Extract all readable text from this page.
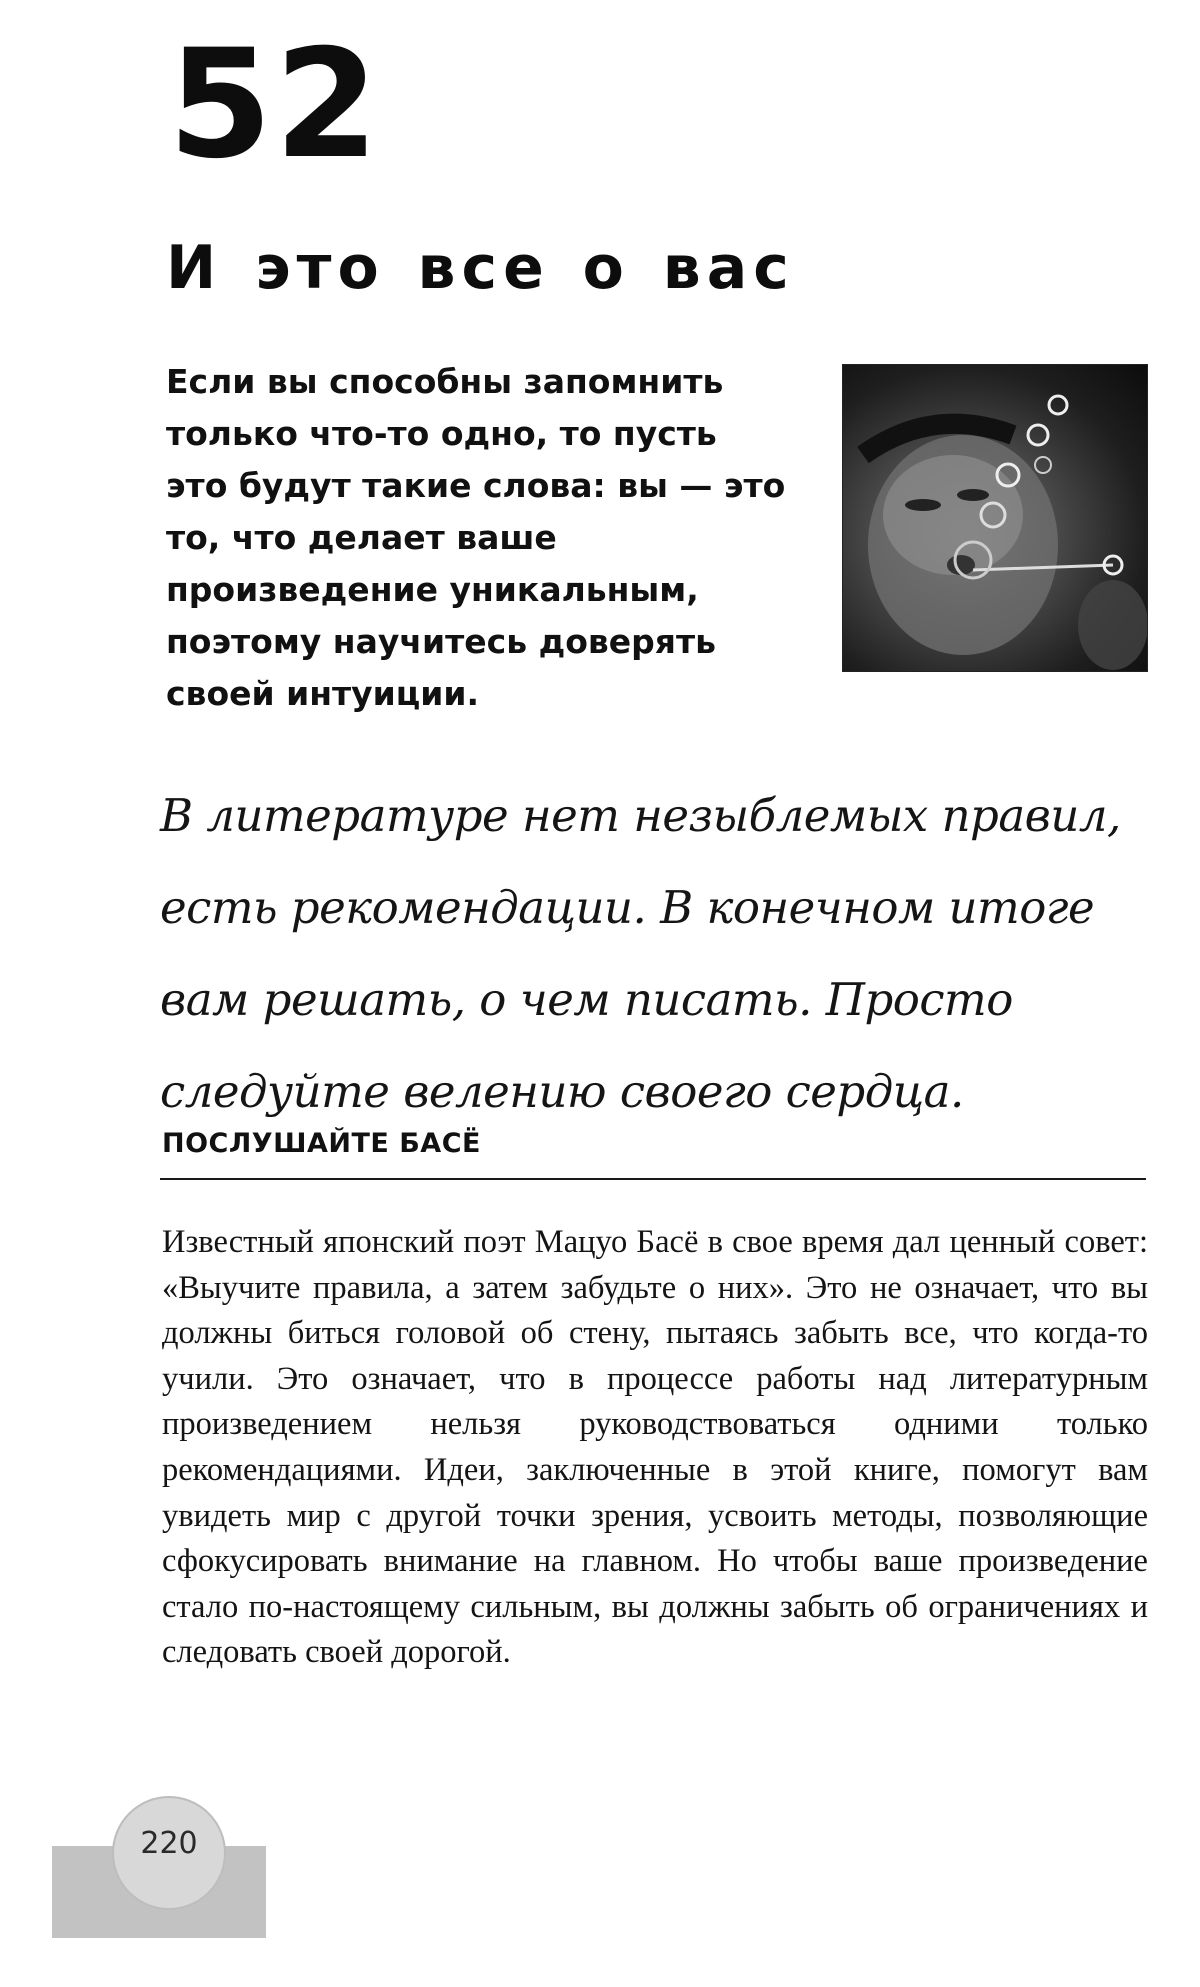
52
И это все о вас
Если вы способны запомнить только что-то одно, то пусть это будут такие слова: вы — это то, что делает ваше произведение уникальным, поэтому научитесь доверять своей интуиции.
В литературе нет незыблемых правил, есть рекомендации. В конечном итоге вам решать, о чем писать. Просто следуйте велению своего сердца.
ПОСЛУШАЙТЕ БАСЁ
Известный японский поэт Мацуо Басё в свое время дал ценный совет: «Выучите правила, а затем забудьте о них». Это не означает, что вы должны биться головой об стену, пытаясь забыть все, что когда-то учили. Это означает, что в процессе работы над литературным произведением нельзя руководствоваться одними только рекомендациями. Идеи, заключенные в этой книге, помогут вам увидеть мир с другой точки зрения, усвоить методы, позволяющие сфокусировать внимание на главном. Но чтобы ваше произведение стало по-настоящему сильным, вы должны забыть об ограничениях и следовать своей дорогой.
220
